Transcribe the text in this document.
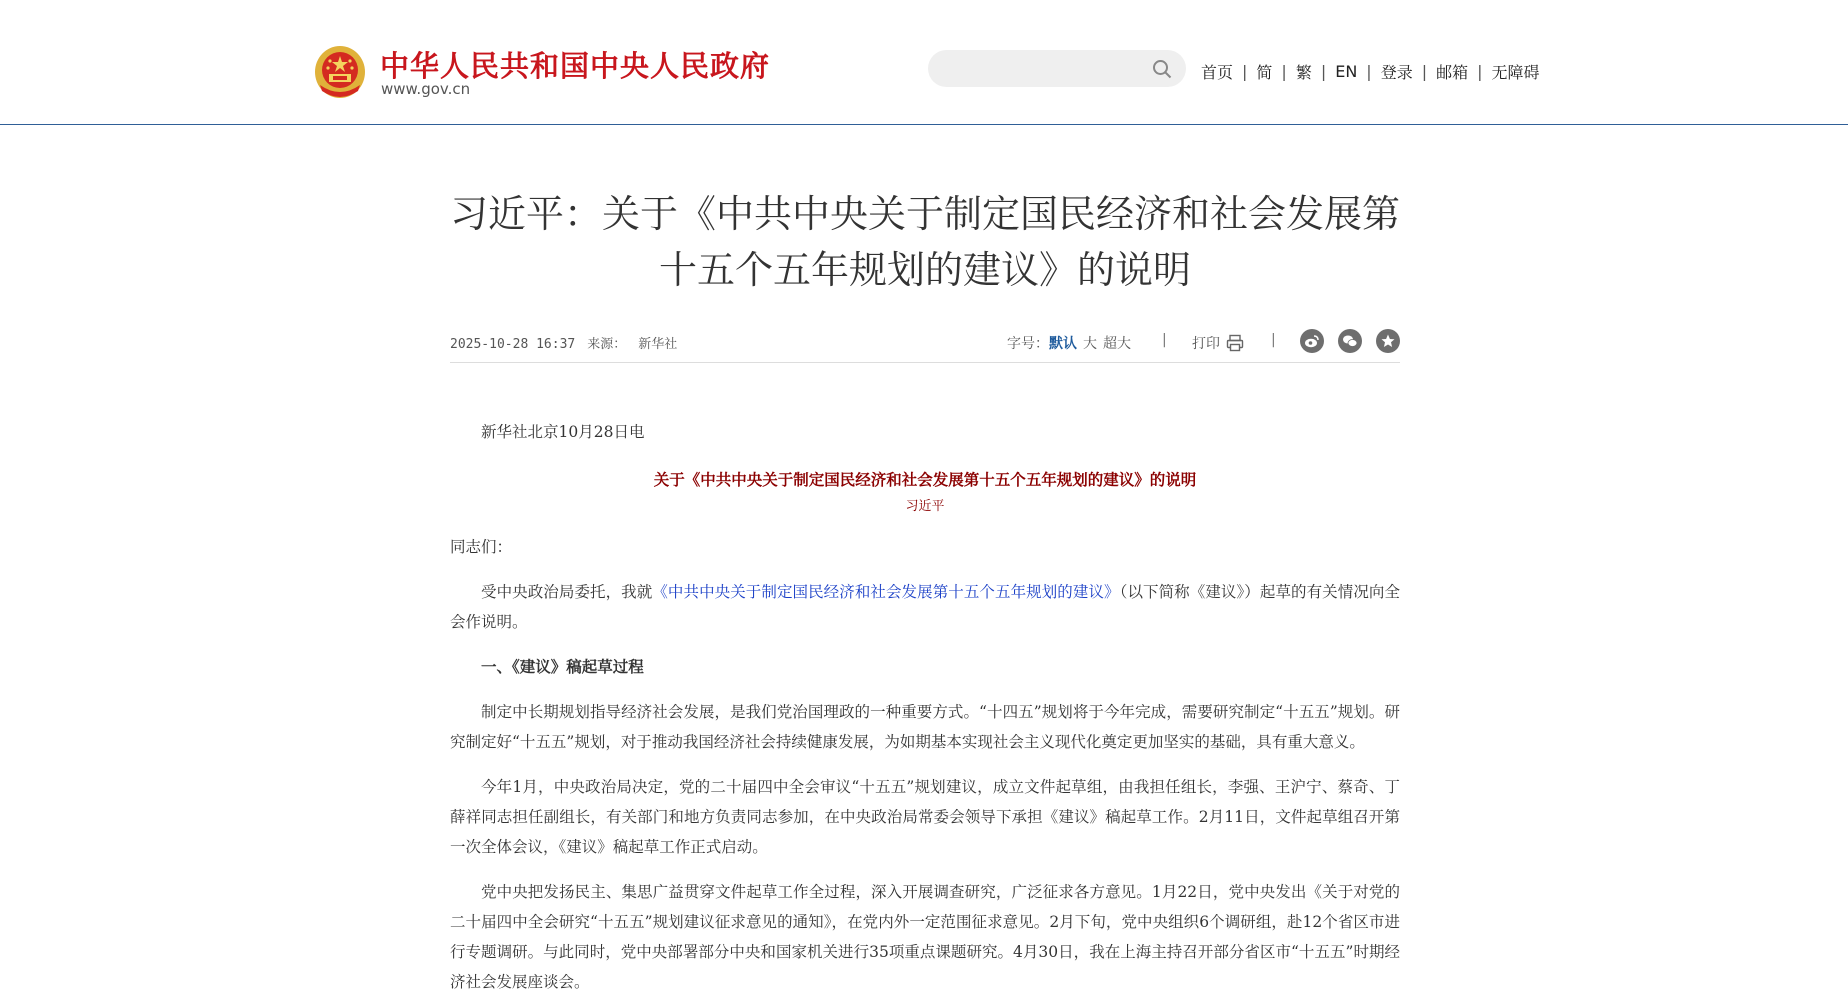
中华人民共和国中央人民政府
www.gov.cn
首页 | 简 | 繁 | EN | 登录 | 邮箱 | 无障碍
习近平：关于《中共中央关于制定国民经济和社会发展第
十五个五年规划的建议》的说明
2025-10-28 16:37 来源： 新华社	字号：默认 大 超大 | 打印	|

新华社北京10月28日电

关于《中共中央关于制定国民经济和社会发展第十五个五年规划的建议》的说明

习近平

同志们：

受中央政治局委托，我就《中共中央关于制定国民经济和社会发展第十五个五年规划的建议》（以下简称《建议》）起草的有关情况向全会作说明。

一、《建议》稿起草过程

制定中长期规划指导经济社会发展，是我们党治国理政的一种重要方式。“十四五”规划将于今年完成，需要研究制定“十五五”规划。研究制定好“十五五”规划，对于推动我国经济社会持续健康发展，为如期基本实现社会主义现代化奠定更加坚实的基础，具有重大意义。

今年1月，中央政治局决定，党的二十届四中全会审议“十五五”规划建议，成立文件起草组，由我担任组长，李强、王沪宁、蔡奇、丁薛祥同志担任副组长，有关部门和地方负责同志参加，在中央政治局常委会领导下承担《建议》稿起草工作。2月11日，文件起草组召开第一次全体会议，《建议》稿起草工作正式启动。

党中央把发扬民主、集思广益贯穿文件起草工作全过程，深入开展调查研究，广泛征求各方意见。1月22日，党中央发出《关于对党的二十届四中全会研究“十五五”规划建议征求意见的通知》，在党内外一定范围征求意见。2月下旬，党中央组织6个调研组，赴12个省区市进行专题调研。与此同时，党中央部署部分中央和国家机关进行35项重点课题研究。4月30日，我在上海主持召开部分省区市“十五五”时期经济社会发展座谈会。
